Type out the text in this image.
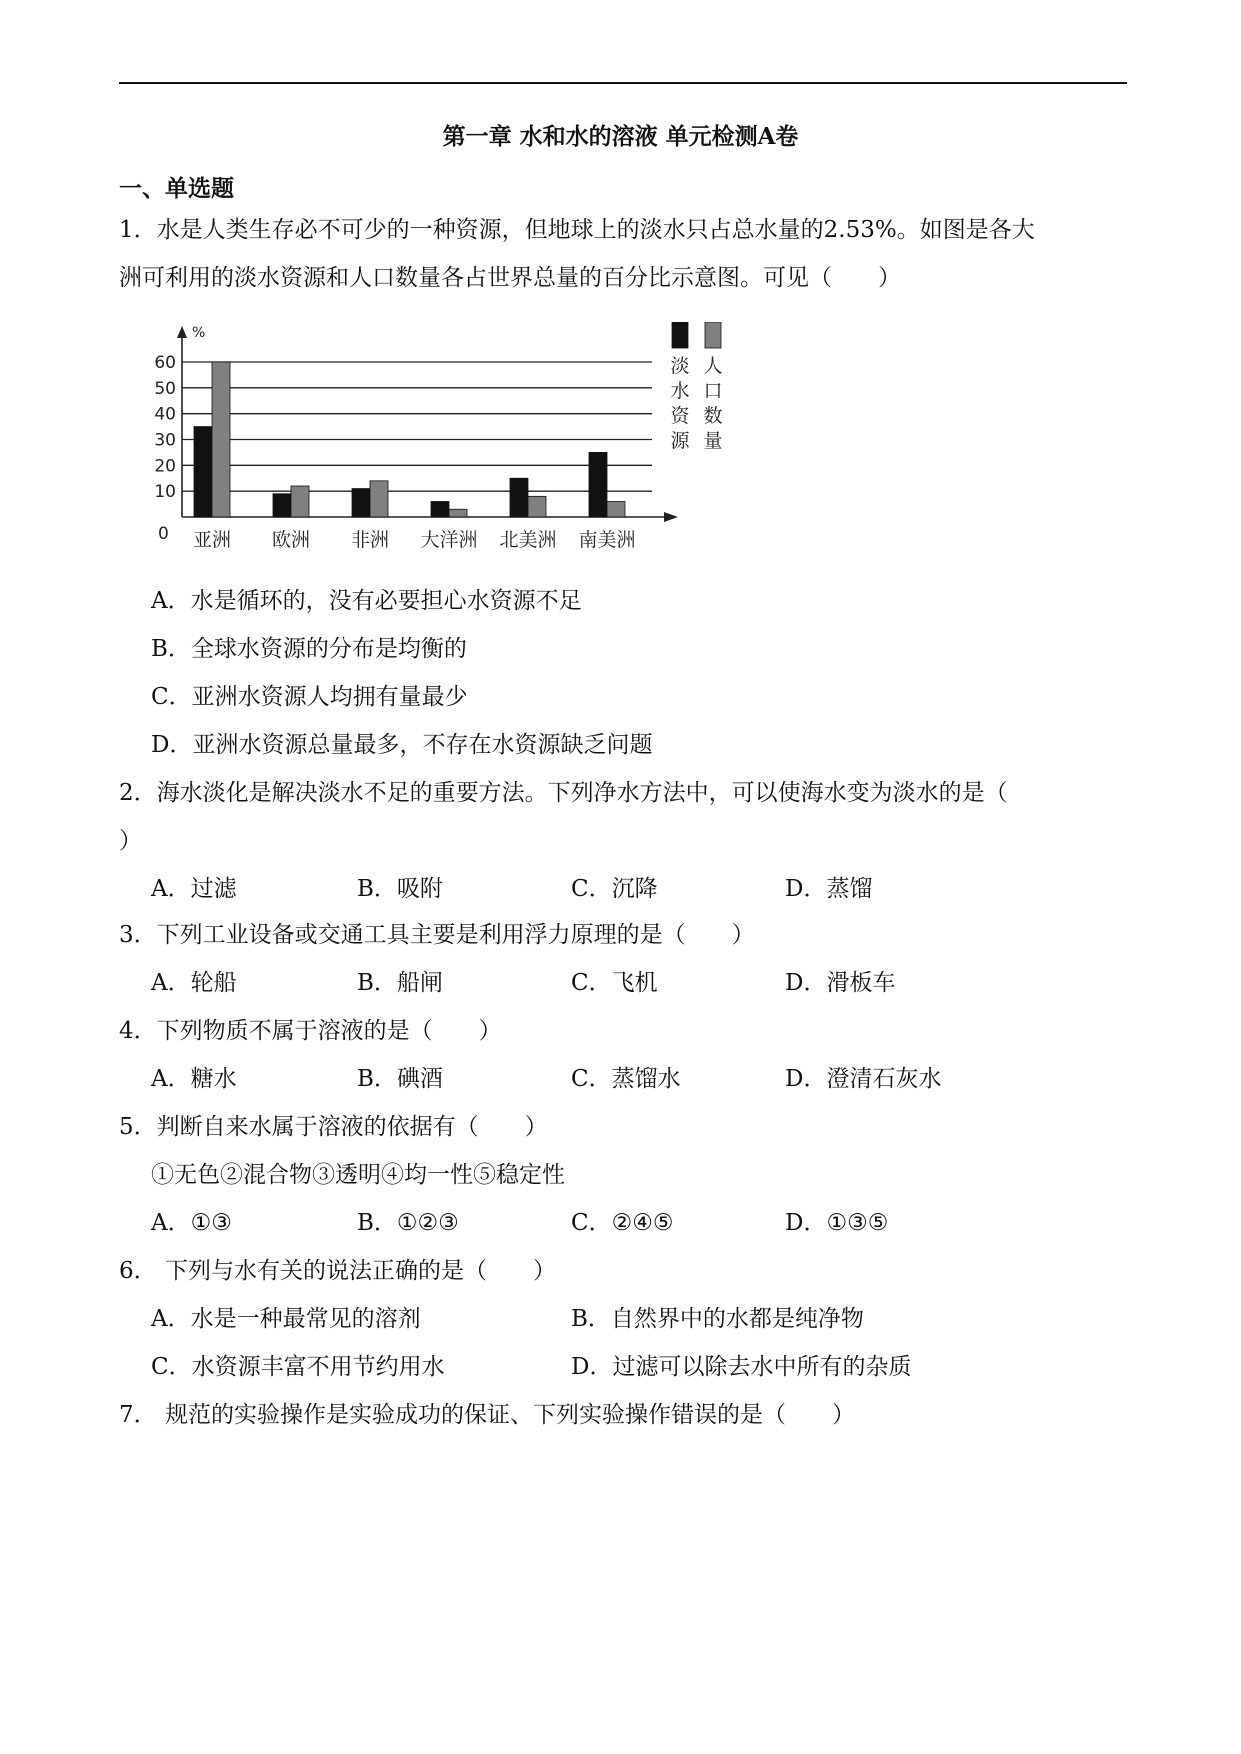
第一章 水和水的溶液 单元检测A卷
一、单选题
1．水是人类生存必不可少的一种资源，但地球上的淡水只占总水量的2.53%。如图是各大
洲可利用的淡水资源和人口数量各占世界总量的百分比示意图。可见（　　）
10
20
30
40
50
60
0
%
亚洲 欧洲 非洲 大洋洲 北美洲 南美洲
淡
水
资
源
人
口
数
量
A．水是循环的，没有必要担心水资源不足
B．全球水资源的分布是均衡的
C．亚洲水资源人均拥有量最少
D．亚洲水资源总量最多，不存在水资源缺乏问题
2．海水淡化是解决淡水不足的重要方法。下列净水方法中，可以使海水变为淡水的是（
）
A．过滤	B．吸附	C．沉降	D．蒸馏
3．下列工业设备或交通工具主要是利用浮力原理的是（　　）
A．轮船	B．船闸	C．飞机	D．滑板车
4．下列物质不属于溶液的是（　　）
A．糖水	B．碘酒	C．蒸馏水	D．澄清石灰水
5．判断自来水属于溶液的依据有（　　）
①无色②混合物③透明④均一性⑤稳定性
A．①③	B．①②③	C．②④⑤	D．①③⑤
6． 下列与水有关的说法正确的是（　　）
A．水是一种最常见的溶剂	B．自然界中的水都是纯净物
C．水资源丰富不用节约用水	D．过滤可以除去水中所有的杂质
7． 规范的实验操作是实验成功的保证、下列实验操作错误的是（　　）
